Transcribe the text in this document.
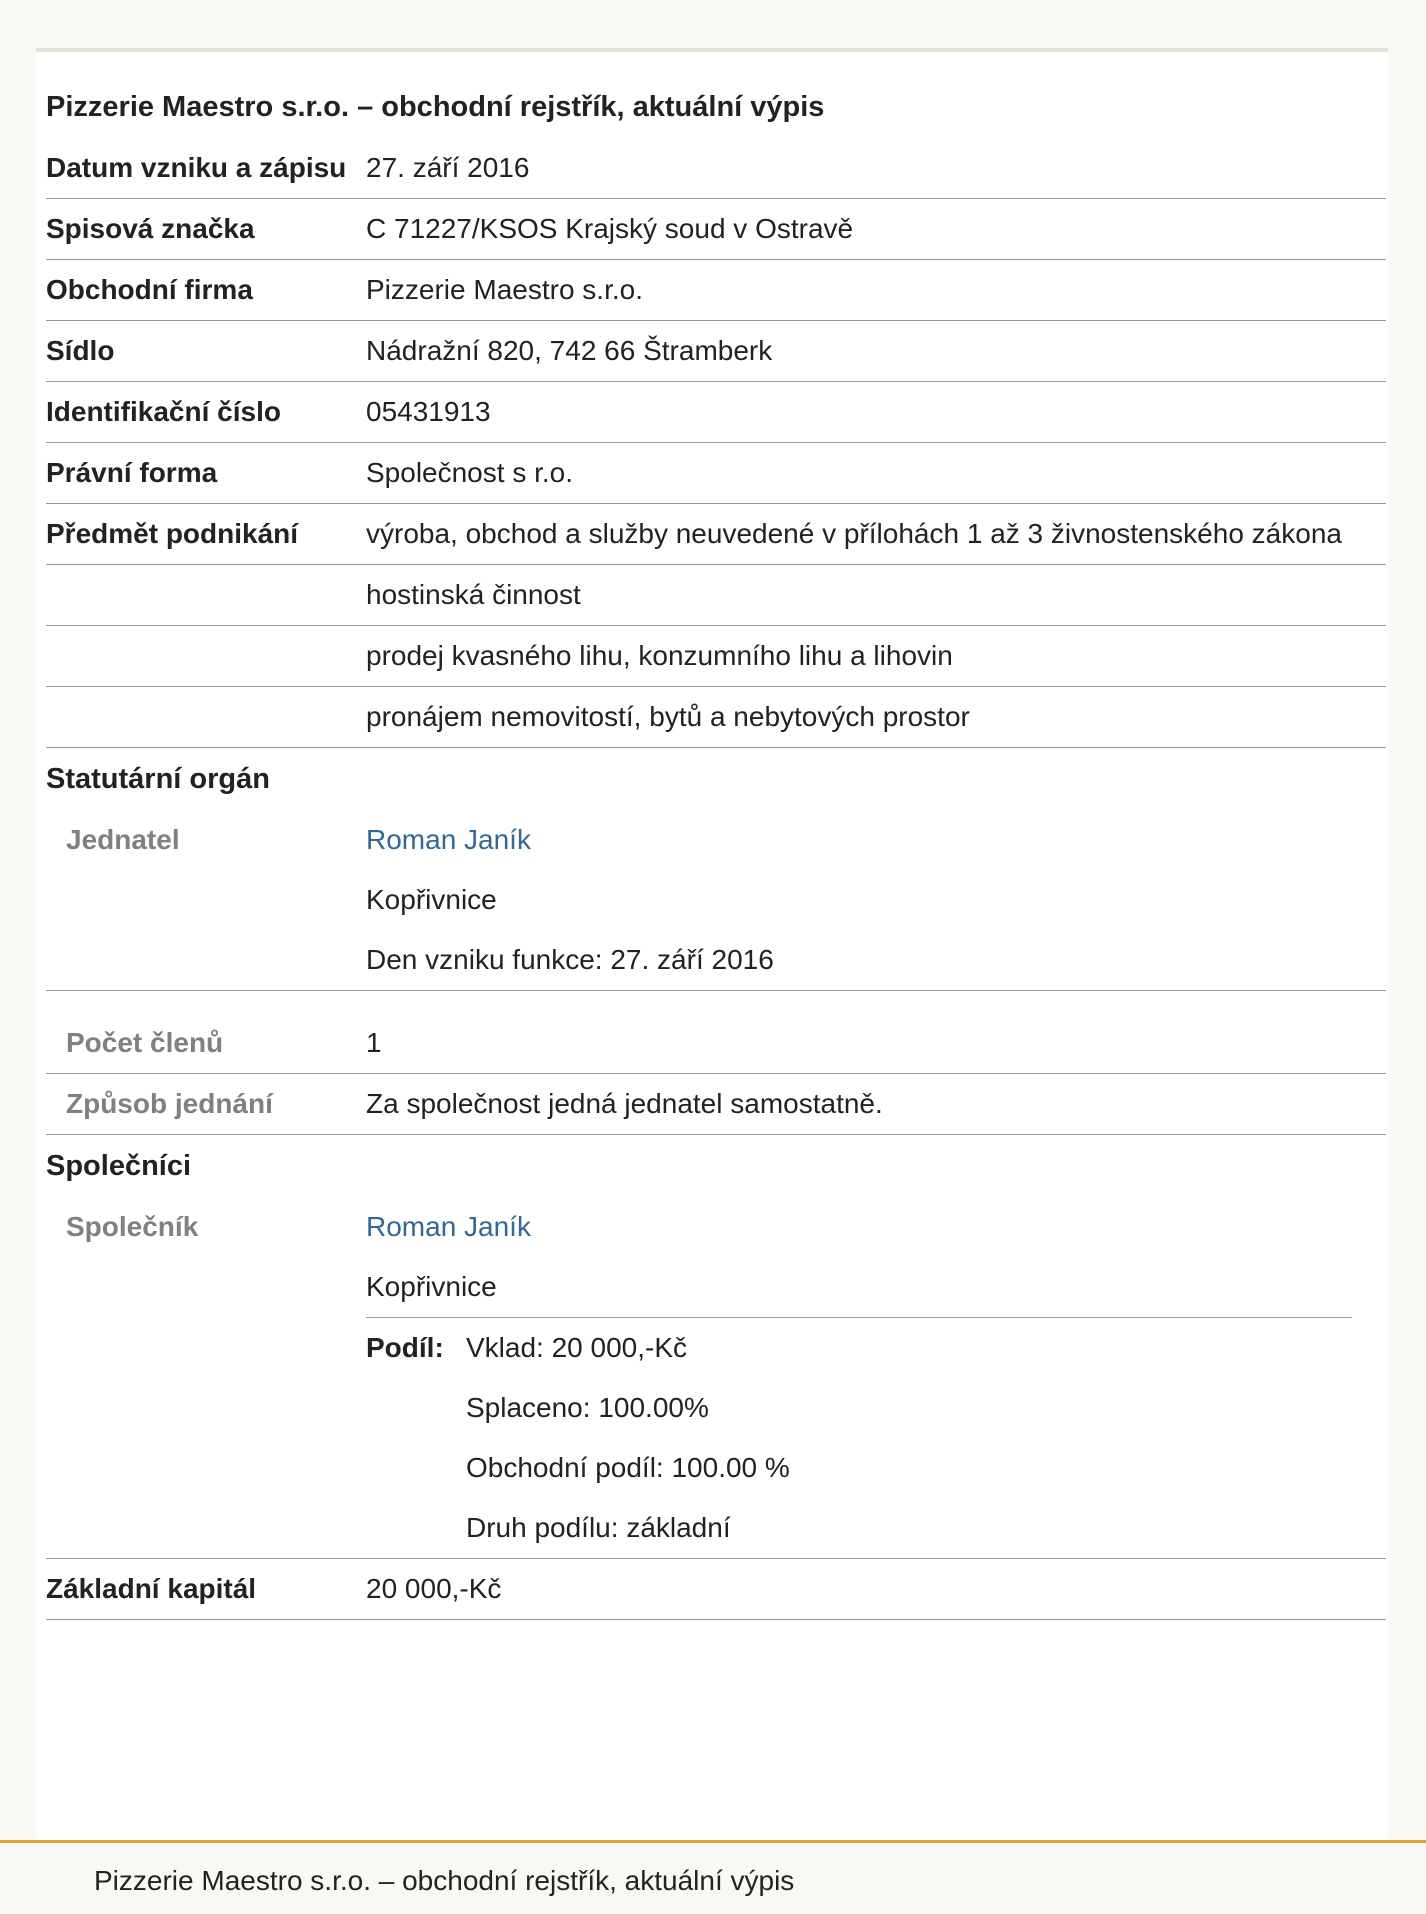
Pizzerie Maestro s.r.o. – obchodní rejstřík, aktuální výpis
Datum vzniku a zápisu 27. září 2016
Spisová značka	C 71227/KSOS Krajský soud v Ostravě
Obchodní firma	Pizzerie Maestro s.r.o.
Sídlo	Nádražní 820, 742 66 Štramberk
Identifikační číslo	05431913
Právní forma	Společnost s r.o.
Předmět podnikání	výroba, obchod a služby neuvedené v přílohách 1 až 3 živnostenského zákona
hostinská činnost
prodej kvasného lihu, konzumního lihu a lihovin
pronájem nemovitostí, bytů a nebytových prostor
Statutární orgán
Jednatel	Roman Janík
Kopřivnice
Den vzniku funkce: 27. září 2016
Počet členů	1
Způsob jednání	Za společnost jedná jednatel samostatně.
Společníci
Společník	Roman Janík
Kopřivnice
Podíl: Vklad: 20 000,-Kč
Splaceno: 100.00%
Obchodní podíl: 100.00 %
Druh podílu: základní
Základní kapitál	20 000,-Kč
Pizzerie Maestro s.r.o. – obchodní rejstřík, aktuální výpis
